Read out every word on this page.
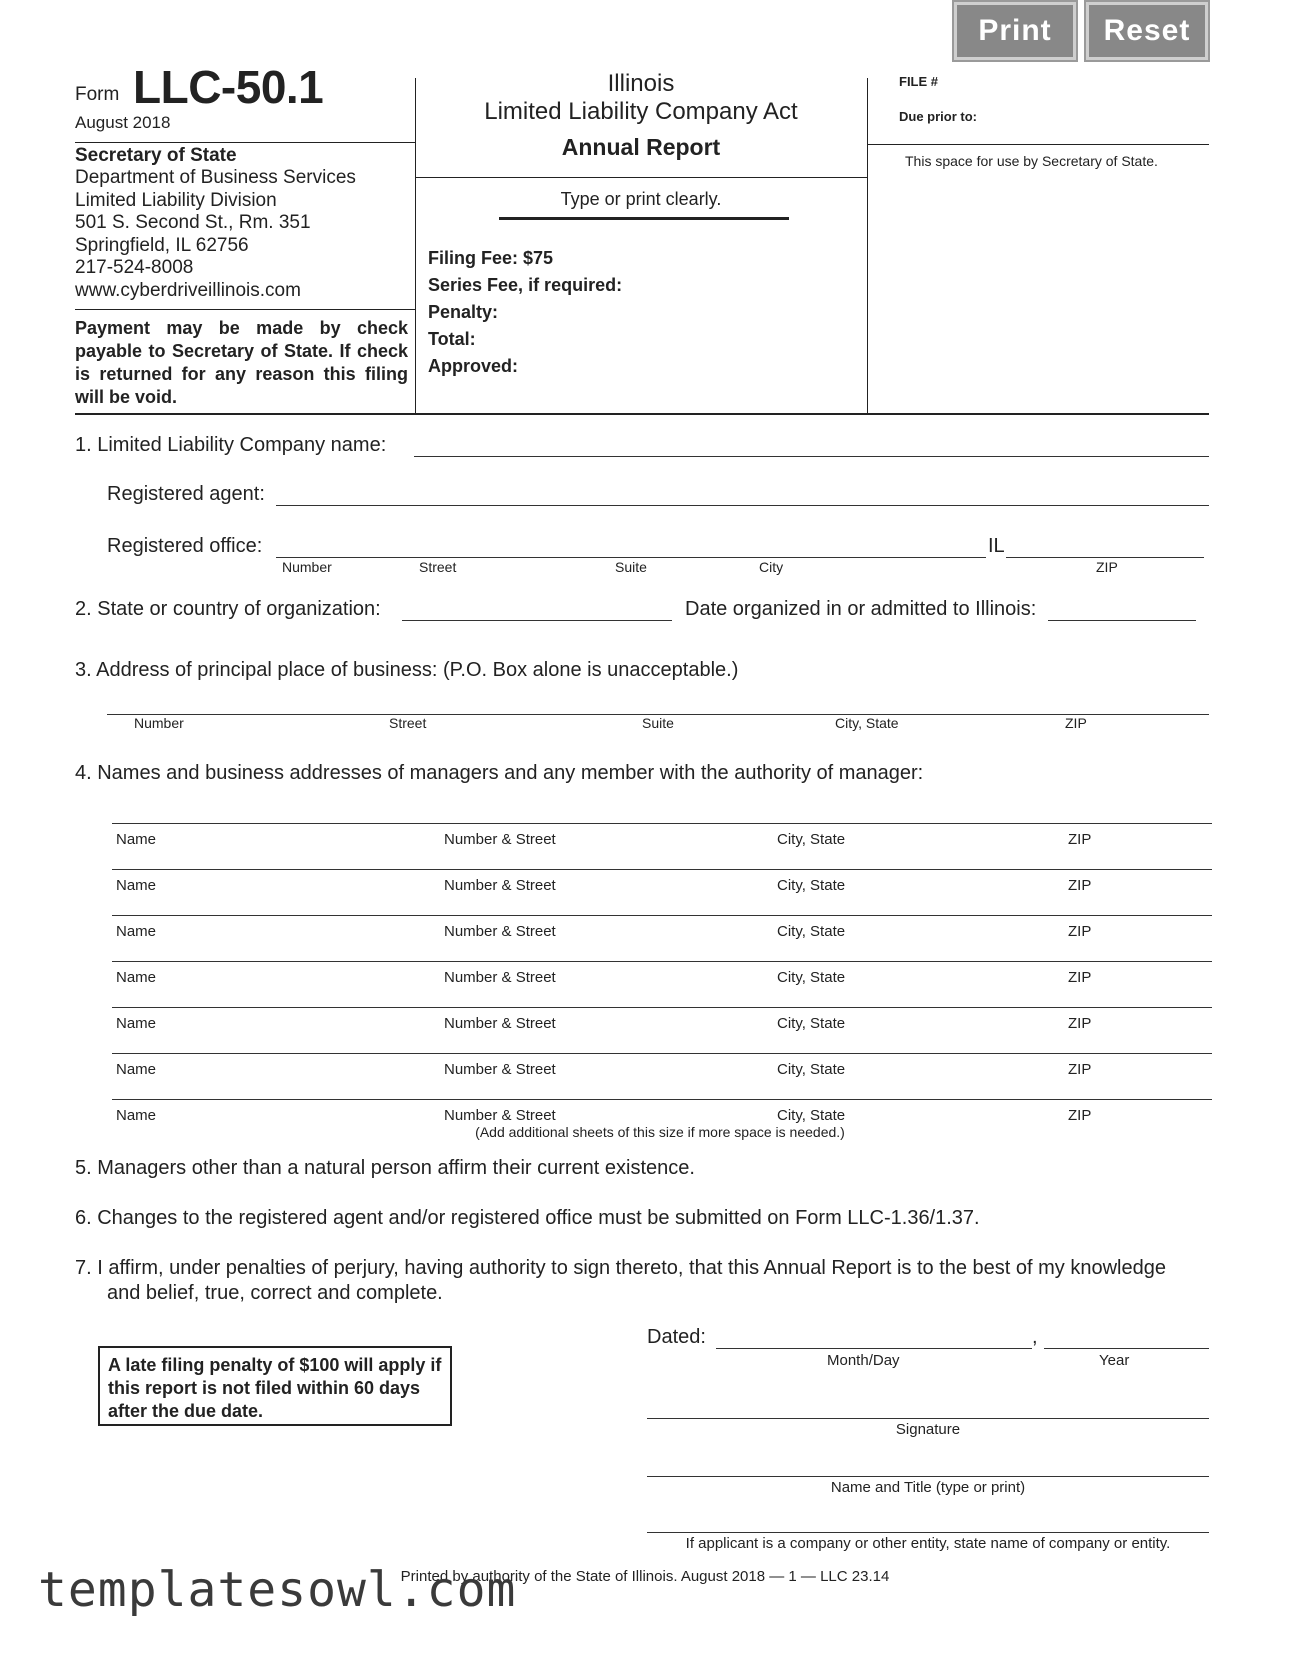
Print	Reset
Form LLC-50.1
August 2018
Secretary of State
Department of Business Services
Limited Liability Division
501 S. Second St., Rm. 351
Springfield, IL 62756
217-524-8008
www.cyberdriveillinois.com
Payment may be made by check payable to Secretary of State. If check is returned for any reason this filing will be void.
Illinois
Limited Liability Company Act
Annual Report
Type or print clearly.
Filing Fee: $75
Series Fee, if required:
Penalty:
Total:
Approved:
FILE #
Due prior to:
This space for use by Secretary of State.
1. Limited Liability Company name:
Registered agent:
Registered office:	IL
Number	Street	Suite	City	ZIP
2. State or country of organization:	Date organized in or admitted to Illinois:
3. Address of principal place of business: (P.O. Box alone is unacceptable.)
Number	Street	Suite	City, State	ZIP
4. Names and business addresses of managers and any member with the authority of manager:
Name	Number & Street	City, State	ZIP
Name	Number & Street	City, State	ZIP
Name	Number & Street	City, State	ZIP
Name	Number & Street	City, State	ZIP
Name	Number & Street	City, State	ZIP
Name	Number & Street	City, State	ZIP
Name	Number & Street	City, State	ZIP
(Add additional sheets of this size if more space is needed.)
5. Managers other than a natural person affirm their current existence.
6. Changes to the registered agent and/or registered office must be submitted on Form LLC-1.36/1.37.
7. I affirm, under penalties of perjury, having authority to sign thereto, that this Annual Report is to the best of my knowledge
and belief, true, correct and complete.
A late filing penalty of $100 will apply if this report is not filed within 60 days after the due date.
Dated:	,
Month/Day	Year
Signature
Name and Title (type or print)
If applicant is a company or other entity, state name of company or entity.
Printed by authority of the State of Illinois. August 2018 — 1 — LLC 23.14
templatesowl.com
